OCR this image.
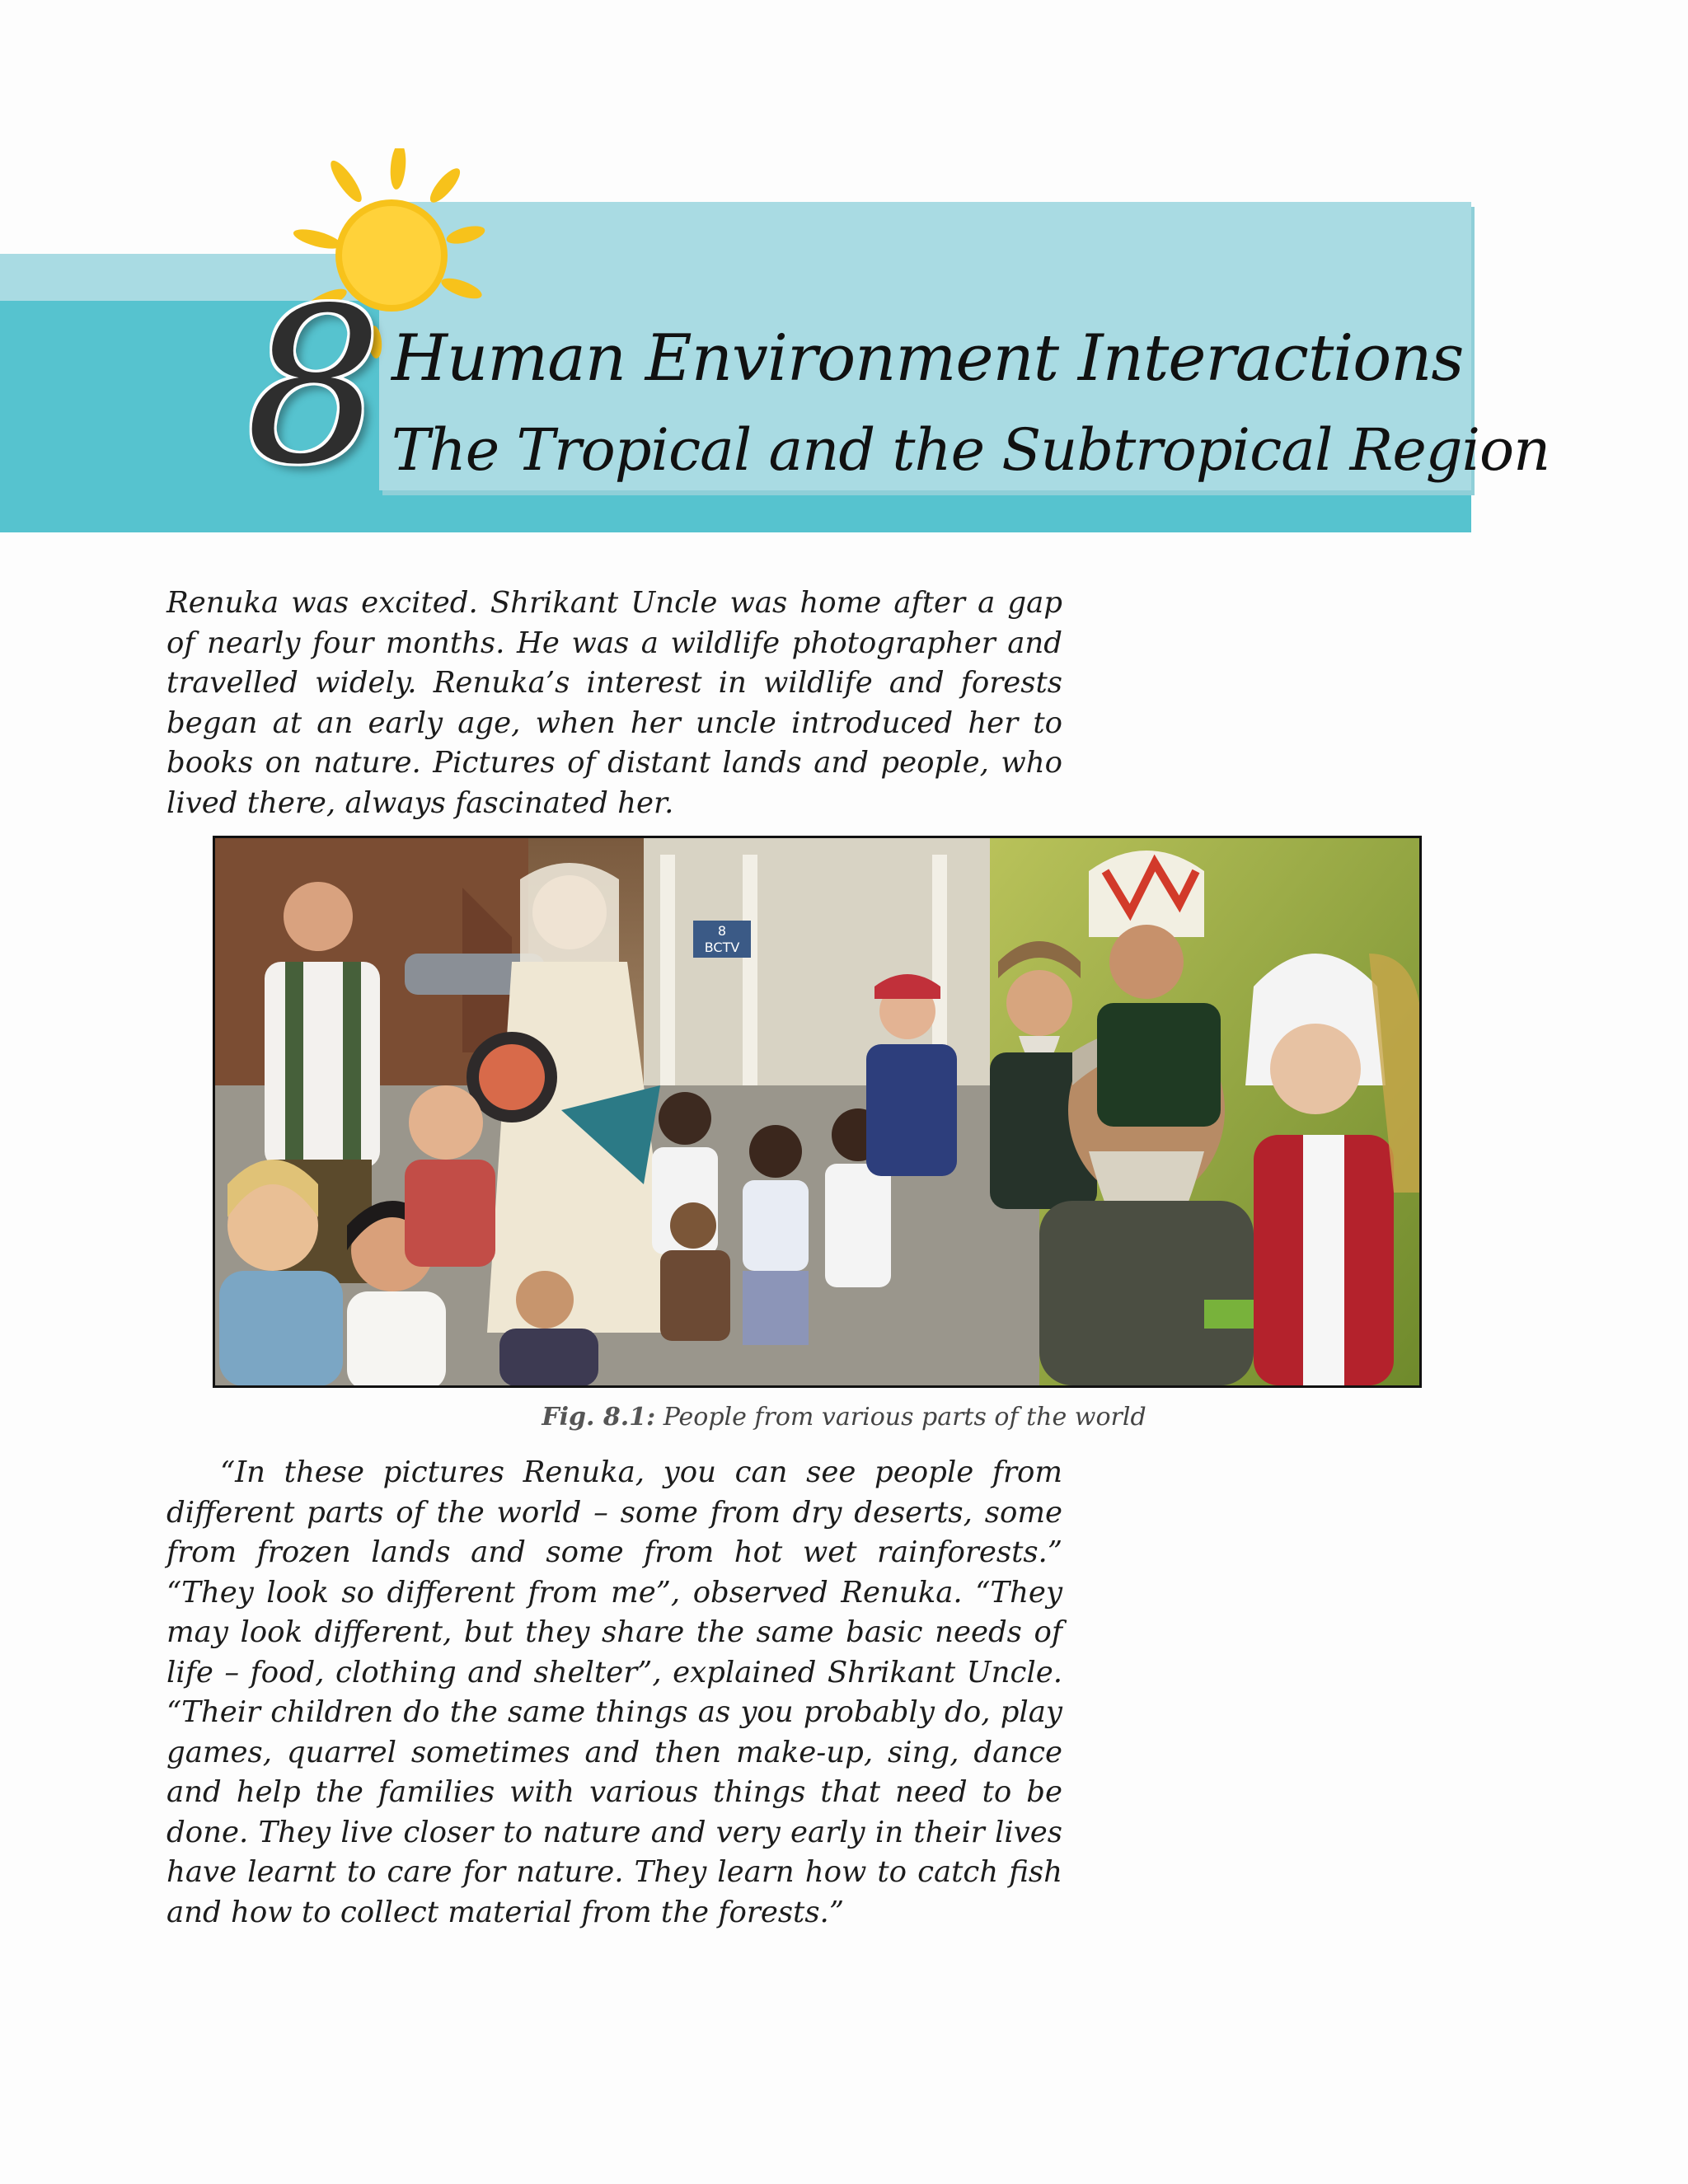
8 Human Environment Interactions
The Tropical and the Subtropical Region

Renuka was excited. Shrikant Uncle was home after a gap of nearly four months. He was a wildlife photographer and travelled widely. Renuka’s interest in wildlife and forests began at an early age, when her uncle introduced her to books on nature. Pictures of distant lands and people, who lived there, always fascinated her.

8
BCTV
Fig. 8.1: People from various parts of the world

“In these pictures Renuka, you can see people from different parts of the world – some from dry deserts, some from frozen lands and some from hot wet rainforests.” “They look so different from me”, observed Renuka. “They may look different, but they share the same basic needs of life – food, clothing and shelter”, explained Shrikant Uncle. “Their children do the same things as you probably do, play games, quarrel sometimes and then make-up, sing, dance and help the families with various things that need to be done. They live closer to nature and very early in their lives have learnt to care for nature. They learn how to catch fish and how to collect material from the forests.”
